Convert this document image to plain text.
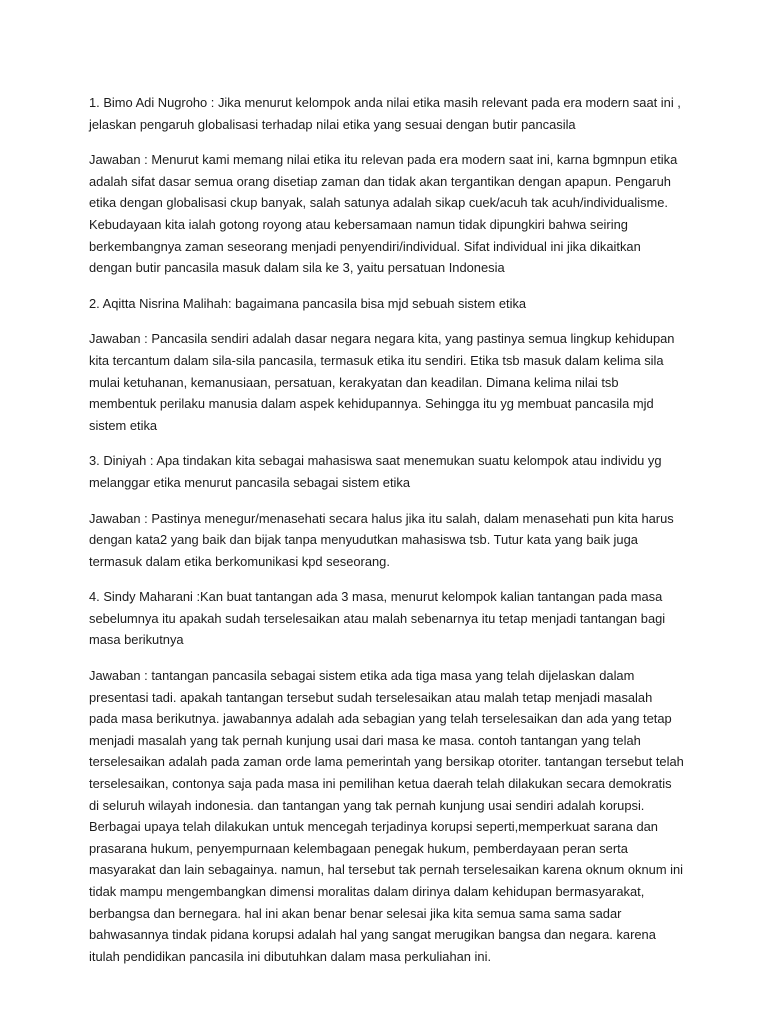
1. Bimo Adi Nugroho : Jika menurut kelompok anda nilai etika masih relevant pada era modern saat ini , jelaskan pengaruh globalisasi terhadap nilai etika yang sesuai dengan butir pancasila

Jawaban : Menurut kami memang nilai etika itu relevan pada era modern saat ini, karna bgmnpun etika adalah sifat dasar semua orang disetiap zaman dan tidak akan tergantikan dengan apapun. Pengaruh etika dengan globalisasi ckup banyak, salah satunya adalah sikap cuek/acuh tak acuh/individualisme. Kebudayaan kita ialah gotong royong atau kebersamaan namun tidak dipungkiri bahwa seiring berkembangnya zaman seseorang menjadi penyendiri/individual. Sifat individual ini jika dikaitkan dengan butir pancasila masuk dalam sila ke 3, yaitu persatuan Indonesia

2. Aqitta Nisrina Malihah: bagaimana pancasila bisa mjd sebuah sistem etika

Jawaban : Pancasila sendiri adalah dasar negara negara kita, yang pastinya semua lingkup kehidupan kita tercantum dalam sila-sila pancasila, termasuk etika itu sendiri. Etika tsb masuk dalam kelima sila mulai ketuhanan, kemanusiaan, persatuan, kerakyatan dan keadilan. Dimana kelima nilai tsb membentuk perilaku manusia dalam aspek kehidupannya. Sehingga itu yg membuat pancasila mjd sistem etika

3. Diniyah : Apa tindakan kita sebagai mahasiswa saat menemukan suatu kelompok atau individu yg melanggar etika menurut pancasila sebagai sistem etika

Jawaban : Pastinya menegur/menasehati secara halus jika itu salah, dalam menasehati pun kita harus dengan kata2 yang baik dan bijak tanpa menyudutkan mahasiswa tsb. Tutur kata yang baik juga termasuk dalam etika berkomunikasi kpd seseorang.

4. Sindy Maharani :Kan buat tantangan ada 3 masa, menurut kelompok kalian tantangan pada masa sebelumnya itu apakah sudah terselesaikan atau malah sebenarnya itu tetap menjadi tantangan bagi masa berikutnya

Jawaban : tantangan pancasila sebagai sistem etika ada tiga masa yang telah dijelaskan dalam presentasi tadi. apakah tantangan tersebut sudah terselesaikan atau malah tetap menjadi masalah pada masa berikutnya. jawabannya adalah ada sebagian yang telah terselesaikan dan ada yang tetap menjadi masalah yang tak pernah kunjung usai dari masa ke masa. contoh tantangan yang telah terselesaikan adalah pada zaman orde lama pemerintah yang bersikap otoriter. tantangan tersebut telah terselesaikan, contonya saja pada masa ini pemilihan ketua daerah telah dilakukan secara demokratis di seluruh wilayah indonesia. dan tantangan yang tak pernah kunjung usai sendiri adalah korupsi. Berbagai upaya telah dilakukan untuk mencegah terjadinya korupsi seperti,memperkuat sarana dan prasarana hukum, penyempurnaan kelembagaan penegak hukum, pemberdayaan peran serta masyarakat dan lain sebagainya. namun, hal tersebut tak pernah terselesaikan karena oknum oknum ini tidak mampu mengembangkan dimensi moralitas dalam dirinya dalam kehidupan bermasyarakat, berbangsa dan bernegara. hal ini akan benar benar selesai jika kita semua sama sama sadar bahwasannya tindak pidana korupsi adalah hal yang sangat merugikan bangsa dan negara. karena itulah pendidikan pancasila ini dibutuhkan dalam masa perkuliahan ini.
